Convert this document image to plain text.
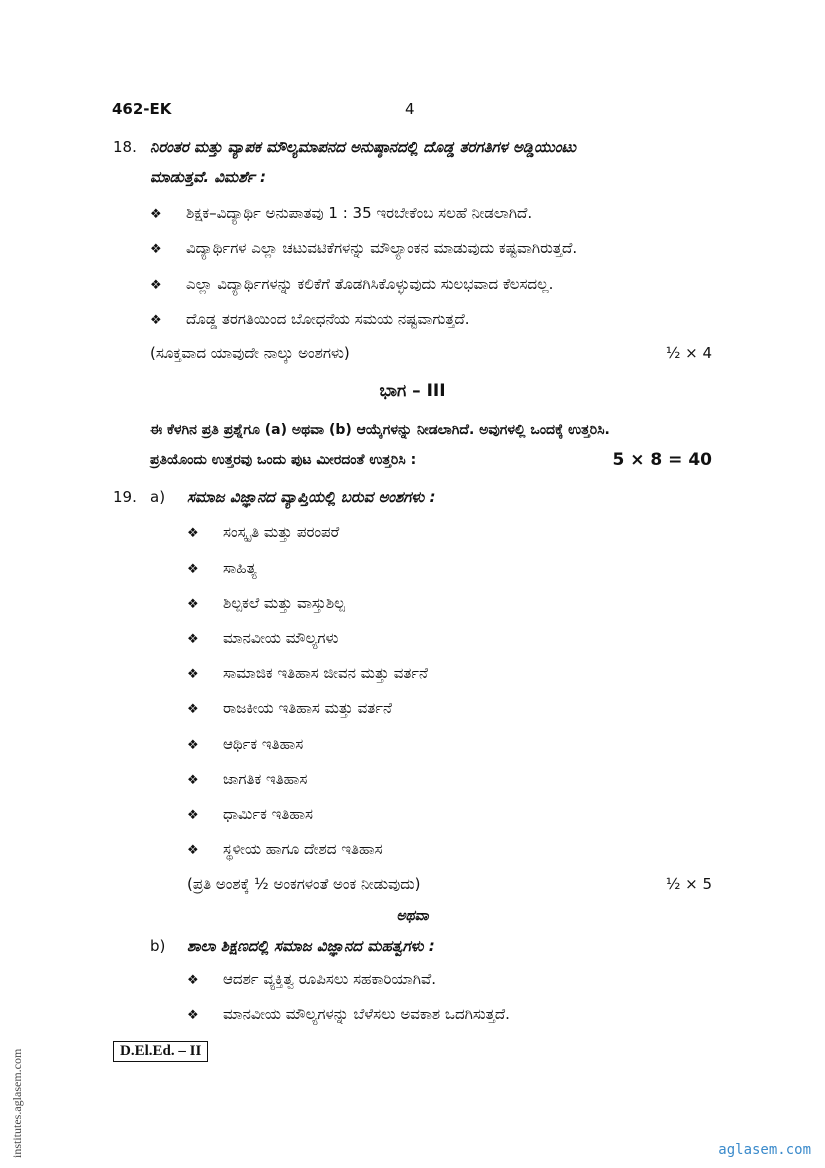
462-EK	4
18. ನಿರಂತರ ಮತ್ತು ವ್ಯಾಪಕ ಮೌಲ್ಯಮಾಪನದ ಅನುಷ್ಠಾನದಲ್ಲಿ ದೊಡ್ಡ ತರಗತಿಗಳ ಅಡ್ಡಿಯುಂಟು
ಮಾಡುತ್ತವೆ. ವಿಮರ್ಶೆ :
❖ ಶಿಕ್ಷಕ–ವಿದ್ಯಾರ್ಥಿ ಅನುಪಾತವು 1 : 35 ಇರಬೇಕೆಂಬ ಸಲಹೆ ನೀಡಲಾಗಿದೆ.
❖ ವಿದ್ಯಾರ್ಥಿಗಳ ಎಲ್ಲಾ ಚಟುವಟಿಕೆಗಳನ್ನು ಮೌಲ್ಯಾಂಕನ ಮಾಡುವುದು ಕಷ್ಟವಾಗಿರುತ್ತದೆ.
❖ ಎಲ್ಲಾ ವಿದ್ಯಾರ್ಥಿಗಳನ್ನು ಕಲಿಕೆಗೆ ತೊಡಗಿಸಿಕೊಳ್ಳುವುದು ಸುಲಭವಾದ ಕೆಲಸದಲ್ಲ.
❖ ದೊಡ್ಡ ತರಗತಿಯಿಂದ ಬೋಧನೆಯ ಸಮಯ ನಷ್ಟವಾಗುತ್ತದೆ.
(ಸೂಕ್ತವಾದ ಯಾವುದೇ ನಾಲ್ಕು ಅಂಶಗಳು)	½ × 4
ಭಾಗ – III
ಈ ಕೆಳಗಿನ ಪ್ರತಿ ಪ್ರಶ್ನೆಗೂ (a) ಅಥವಾ (b) ಆಯ್ಕೆಗಳನ್ನು ನೀಡಲಾಗಿದೆ. ಅವುಗಳಲ್ಲಿ ಒಂದಕ್ಕೆ ಉತ್ತರಿಸಿ.
ಪ್ರತಿಯೊಂದು ಉತ್ತರವು ಒಂದು ಪುಟ ಮೀರದಂತೆ ಉತ್ತರಿಸಿ :	5 × 8 = 40
19. a) ಸಮಾಜ ವಿಜ್ಞಾನದ ವ್ಯಾಪ್ತಿಯಲ್ಲಿ ಬರುವ ಅಂಶಗಳು :
❖ ಸಂಸ್ಕೃತಿ ಮತ್ತು ಪರಂಪರೆ
❖ ಸಾಹಿತ್ಯ
❖ ಶಿಲ್ಪಕಲೆ ಮತ್ತು ವಾಸ್ತುಶಿಲ್ಪ
❖ ಮಾನವೀಯ ಮೌಲ್ಯಗಳು
❖ ಸಾಮಾಜಿಕ ಇತಿಹಾಸ ಜೀವನ ಮತ್ತು ವರ್ತನೆ
❖ ರಾಜಕೀಯ ಇತಿಹಾಸ ಮತ್ತು ವರ್ತನೆ
❖ ಆರ್ಥಿಕ ಇತಿಹಾಸ
❖ ಜಾಗತಿಕ ಇತಿಹಾಸ
❖ ಧಾರ್ಮಿಕ ಇತಿಹಾಸ
❖ ಸ್ಥಳೀಯ ಹಾಗೂ ದೇಶದ ಇತಿಹಾಸ
(ಪ್ರತಿ ಅಂಶಕ್ಕೆ ½ ಅಂಕಗಳಂತೆ ಅಂಕ ನೀಡುವುದು)	½ × 5
ಅಥವಾ
b) ಶಾಲಾ ಶಿಕ್ಷಣದಲ್ಲಿ ಸಮಾಜ ವಿಜ್ಞಾನದ ಮಹತ್ವಗಳು :
❖ ಆದರ್ಶ ವ್ಯಕ್ತಿತ್ವ ರೂಪಿಸಲು ಸಹಕಾರಿಯಾಗಿವೆ.
❖ ಮಾನವೀಯ ಮೌಲ್ಯಗಳನ್ನು ಬೆಳೆಸಲು ಅವಕಾಶ ಒದಗಿಸುತ್ತದೆ.
D.El.Ed. – II
institutes.aglasem.com	aglasem.com
